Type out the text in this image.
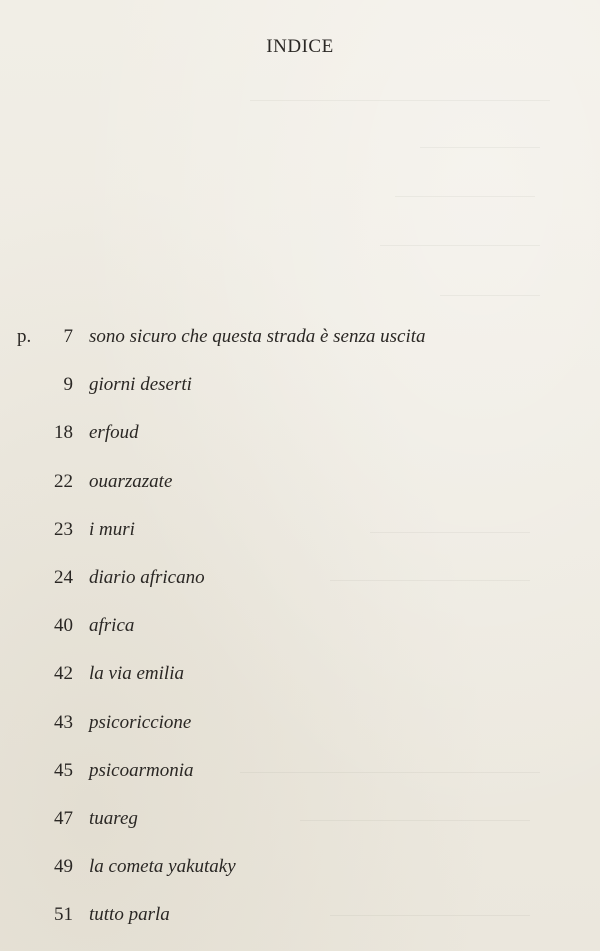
INDICE
p. 7 sono sicuro che questa strada è senza uscita
9 giorni deserti
18 erfoud
22 ouarzazate
23 i muri
24 diario africano
40 africa
42 la via emilia
43 psicoriccione
45 psicoarmonia
47 tuareg
49 la cometa yakutaky
51 tutto parla
